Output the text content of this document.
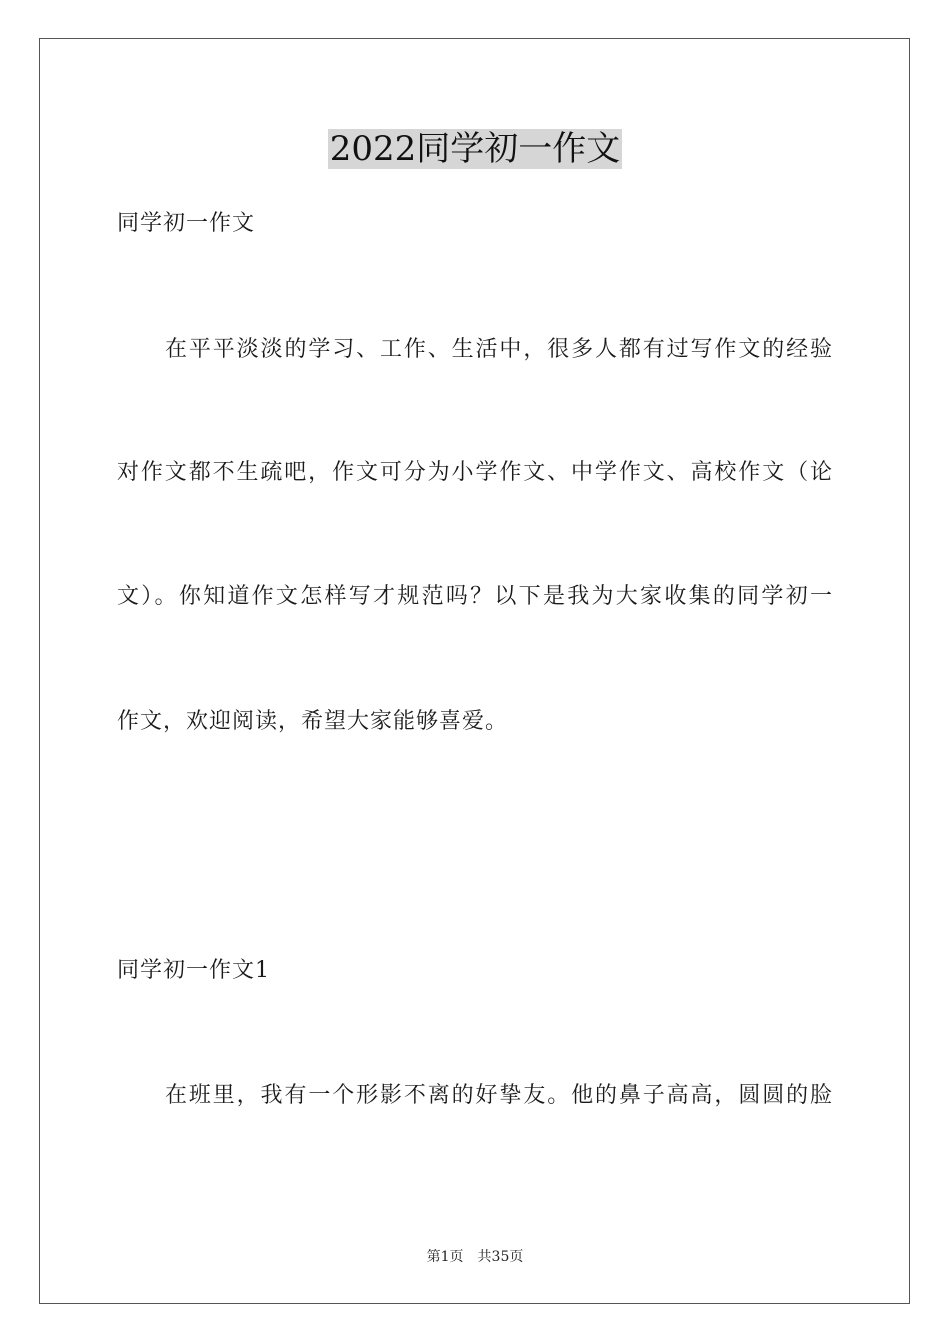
2022同学初一作文
同学初一作文
在平平淡淡的学习、工作、生活中，很多人都有过写作文的经验
对作文都不生疏吧，作文可分为小学作文、中学作文、高校作文（论
文）。你知道作文怎样写才规范吗？以下是我为大家收集的同学初一
作文，欢迎阅读，希望大家能够喜爱。
同学初一作文1
在班里，我有一个形影不离的好挚友。他的鼻子高高，圆圆的脸
第1页 共35页
